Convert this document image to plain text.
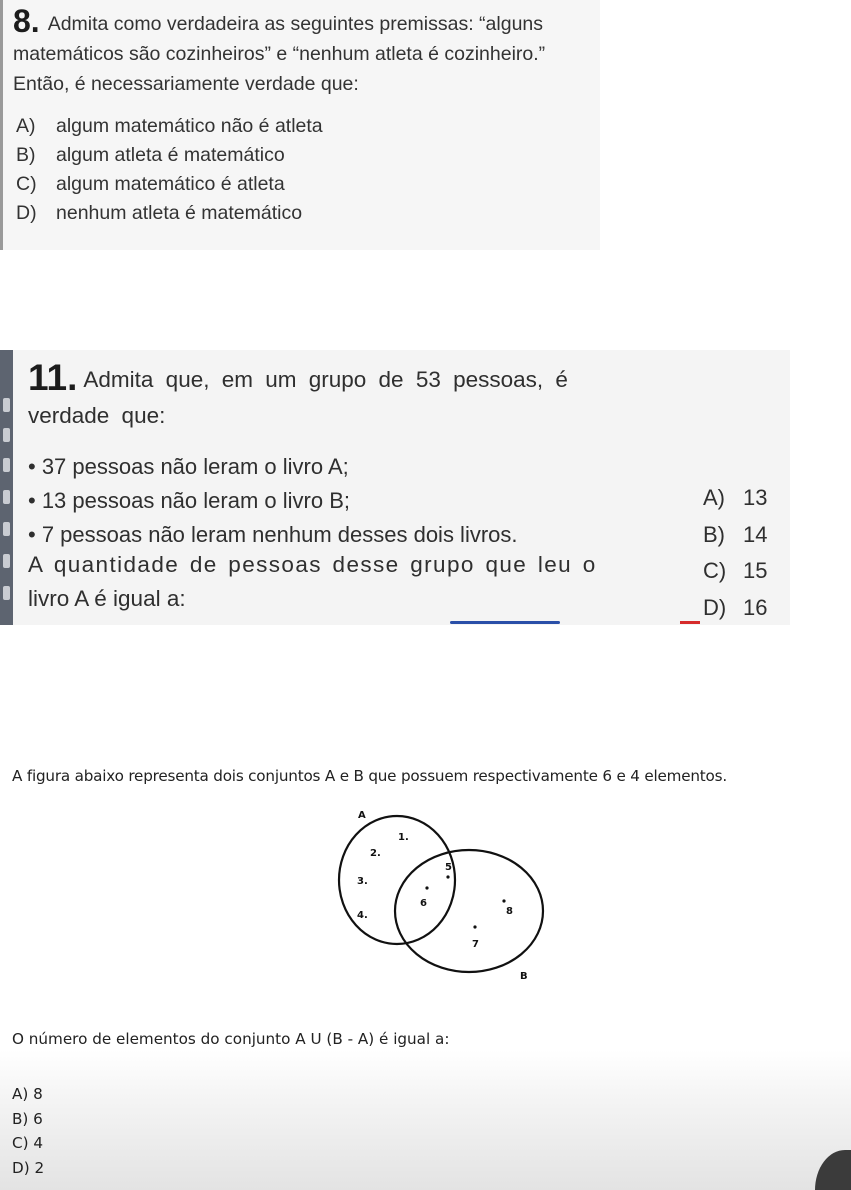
8. Admita como verdadeira as seguintes premissas: “alguns matemáticos são cozinheiros” e “nenhum atleta é cozinheiro.” Então, é necessariamente verdade que:
A) algum matemático não é atleta
B) algum atleta é matemático
C) algum matemático é atleta
D) nenhum atleta é matemático
11. Admita que, em um grupo de 53 pessoas, é verdade que:
• 37 pessoas não leram o livro A;
• 13 pessoas não leram o livro B;
• 7 pessoas não leram nenhum desses dois livros.
A quantidade de pessoas desse grupo que leu o
livro A é igual a:
A) 13
B) 14
C) 15
D) 16
A figura abaixo representa dois conjuntos A e B que possuem respectivamente 6 e 4 elementos.
A
B
1.
2.
3.
4.
5
6
8
7
O número de elementos do conjunto A U (B - A) é igual a:
A) 8
B) 6
C) 4
D) 2
